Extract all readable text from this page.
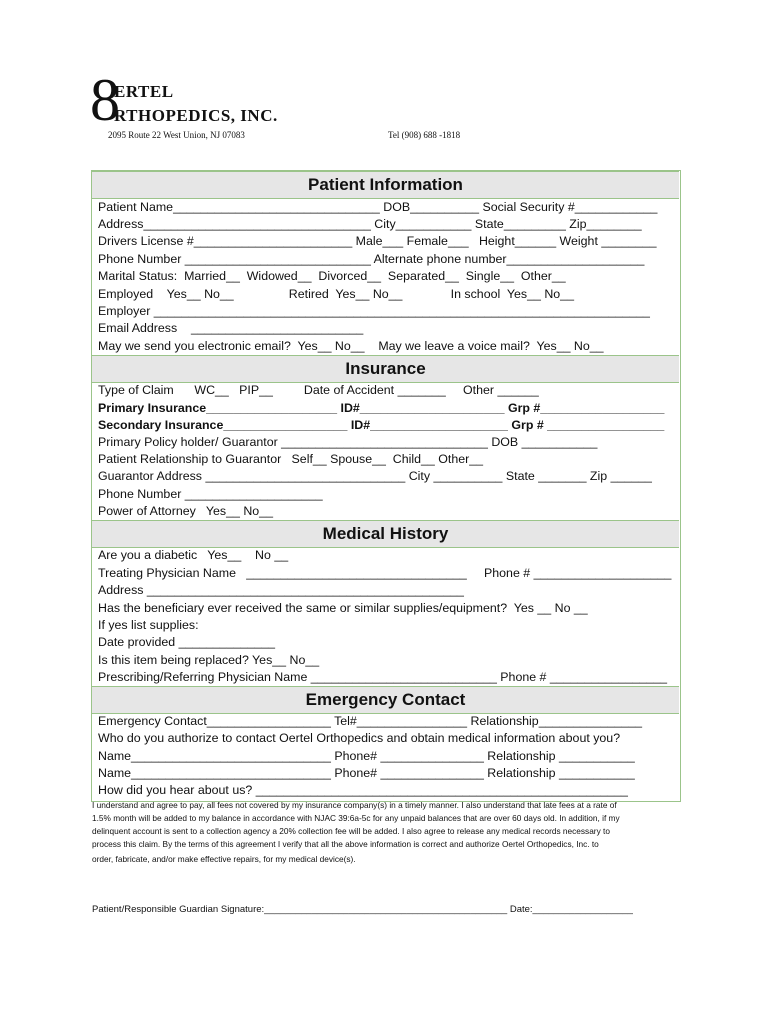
8
ERTEL
RTHOPEDICS, INC.
2095 Route 22 West Union, NJ 07083	Tel (908) 688 -1818
Patient Information
Patient Name______________________________ DOB__________ Social Security #____________
Address_________________________________ City___________ State_________ Zip________
Drivers License #_______________________ Male___ Female___   Height______ Weight ________
Phone Number ___________________________ Alternate phone number____________________
Marital Status:  Married__  Widowed__  Divorced__  Separated__  Single__  Other__
Employed    Yes__ No__                Retired  Yes__ No__              In school  Yes__ No__
Employer ________________________________________________________________________
Email Address    _________________________
May we send you electronic email?  Yes__ No__    May we leave a voice mail?  Yes__ No__
Insurance
Type of Claim      WC__   PIP__         Date of Accident _______     Other ______
Primary Insurance___________________ ID#_____________________ Grp #__________________
Secondary Insurance__________________ ID#____________________ Grp # _________________
Primary Policy holder/ Guarantor ______________________________ DOB ___________
Patient Relationship to Guarantor   Self__ Spouse__  Child__ Other__
Guarantor Address _____________________________ City __________ State _______ Zip ______
Phone Number ____________________
Power of Attorney   Yes__ No__
Medical History
Are you a diabetic   Yes__    No __
Treating Physician Name   ________________________________     Phone # ____________________
Address ______________________________________________
Has the beneficiary ever received the same or similar supplies/equipment?  Yes __ No __
If yes list supplies:
Date provided ______________
Is this item being replaced? Yes__ No__
Prescribing/Referring Physician Name ___________________________ Phone # _________________
Emergency Contact
Emergency Contact__________________ Tel#________________ Relationship_______________
Who do you authorize to contact Oertel Orthopedics and obtain medical information about you?
Name_____________________________ Phone# _______________ Relationship ___________
Name_____________________________ Phone# _______________ Relationship ___________
How did you hear about us? ______________________________________________________
I understand and agree to pay, all fees not covered by my insurance company(s) in a timely manner. I also understand that late fees at a rate of
1.5% month will be added to my balance in accordance with NJAC 39:6a-5c for any unpaid balances that are over 60 days old. In addition, if my
delinquent account is sent to a collection agency a 20% collection fee will be added. I also agree to release any medical records necessary to
process this claim. By the terms of this agreement I verify that all the above information is correct and authorize Oertel Orthopedics, Inc. to
order, fabricate, and/or make effective repairs, for my medical device(s).
Patient/Responsible Guardian Signature:______________________________________________ Date:___________________
